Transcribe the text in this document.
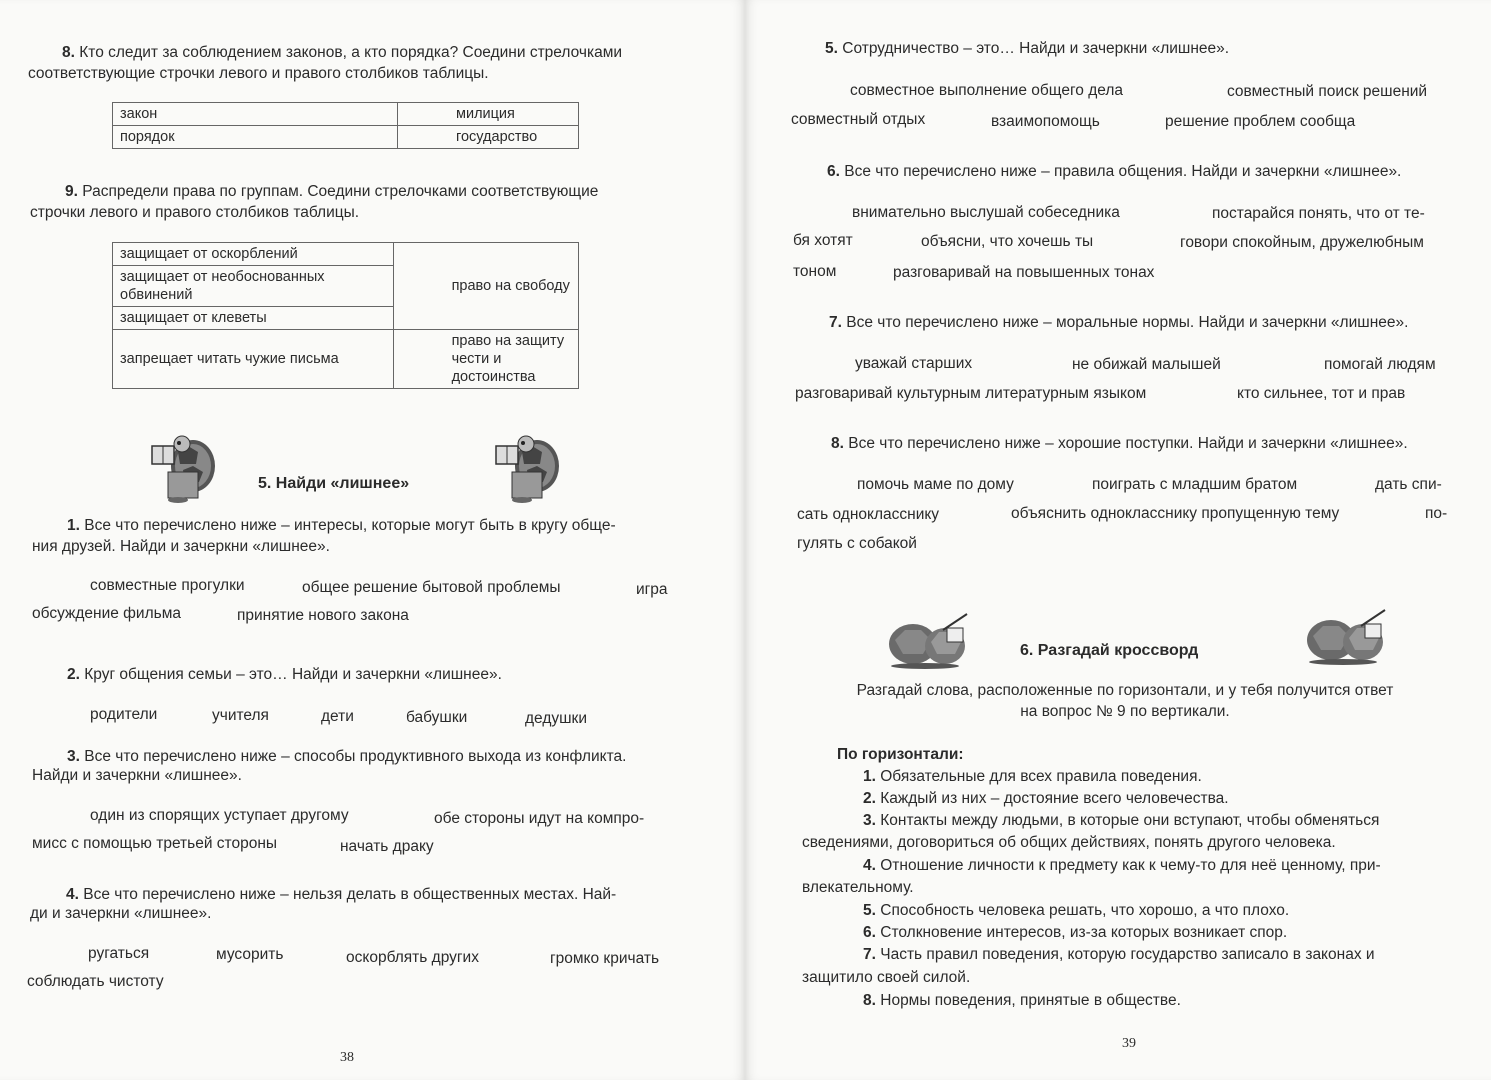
8. Кто следит за соблюдением законов, а кто порядка? Соедини стрелочками
соответствующие строчки левого и правого столбиков таблицы.
закон	милиция
порядок	государство
9. Распредели права по группам. Соедини стрелочками соответствующие
строчки левого и правого столбиков таблицы.
защищает от оскорблений	право на свободу
защищает от необоснованных обвинений	
защищает от клеветы	
запрещает читать чужие письма	право на защиту чести и достоинства
5. Найди «лишнее»
1. Все что перечислено ниже – интересы, которые могут быть в кругу обще-
ния друзей. Найди и зачеркни «лишнее».
совместные прогулки	общее решение бытовой проблемы	игра
обсуждение фильма	принятие нового закона
2. Круг общения семьи – это… Найди и зачеркни «лишнее».
родители	учителя	дети	бабушки	дедушки
3. Все что перечислено ниже – способы продуктивного выхода из конфликта.
Найди и зачеркни «лишнее».
один из спорящих уступает другому	обе стороны идут на компро-
мисс с помощью третьей стороны	начать драку
4. Все что перечислено ниже – нельзя делать в общественных местах. Най-
ди и зачеркни «лишнее».
ругаться	мусорить	оскорблять других	громко кричать
соблюдать чистоту
38
5. Сотрудничество – это… Найди и зачеркни «лишнее».
совместное выполнение общего дела	совместный поиск решений
совместный отдых	взаимопомощь	решение проблем сообща
6. Все что перечислено ниже – правила общения. Найди и зачеркни «лишнее».
внимательно выслушай собеседника	постарайся понять, что от те-
бя хотят	объясни, что хочешь ты	говори спокойным, дружелюбным
тоном	разговаривай на повышенных тонах
7. Все что перечислено ниже – моральные нормы. Найди и зачеркни «лишнее».
уважай старших	не обижай малышей	помогай людям
разговаривай культурным литературным языком	кто сильнее, тот и прав
8. Все что перечислено ниже – хорошие поступки. Найди и зачеркни «лишнее».
помочь маме по дому	поиграть с младшим братом	дать спи-
сать однокласснику	объяснить однокласснику пропущенную тему	по-
гулять с собакой
6. Разгадай кроссворд
Разгадай слова, расположенные по горизонтали, и у тебя получится ответ
на вопрос № 9 по вертикали.
По горизонтали:
1. Обязательные для всех правила поведения.
2. Каждый из них – достояние всего человечества.
3. Контакты между людьми, в которые они вступают, чтобы обменяться
сведениями, договориться об общих действиях, понять другого человека.
4. Отношение личности к предмету как к чему-то для неё ценному, при-
влекательному.
5. Способность человека решать, что хорошо, а что плохо.
6. Столкновение интересов, из-за которых возникает спор.
7. Часть правил поведения, которую государство записало в законах и
защитило своей силой.
8. Нормы поведения, принятые в обществе.
39
